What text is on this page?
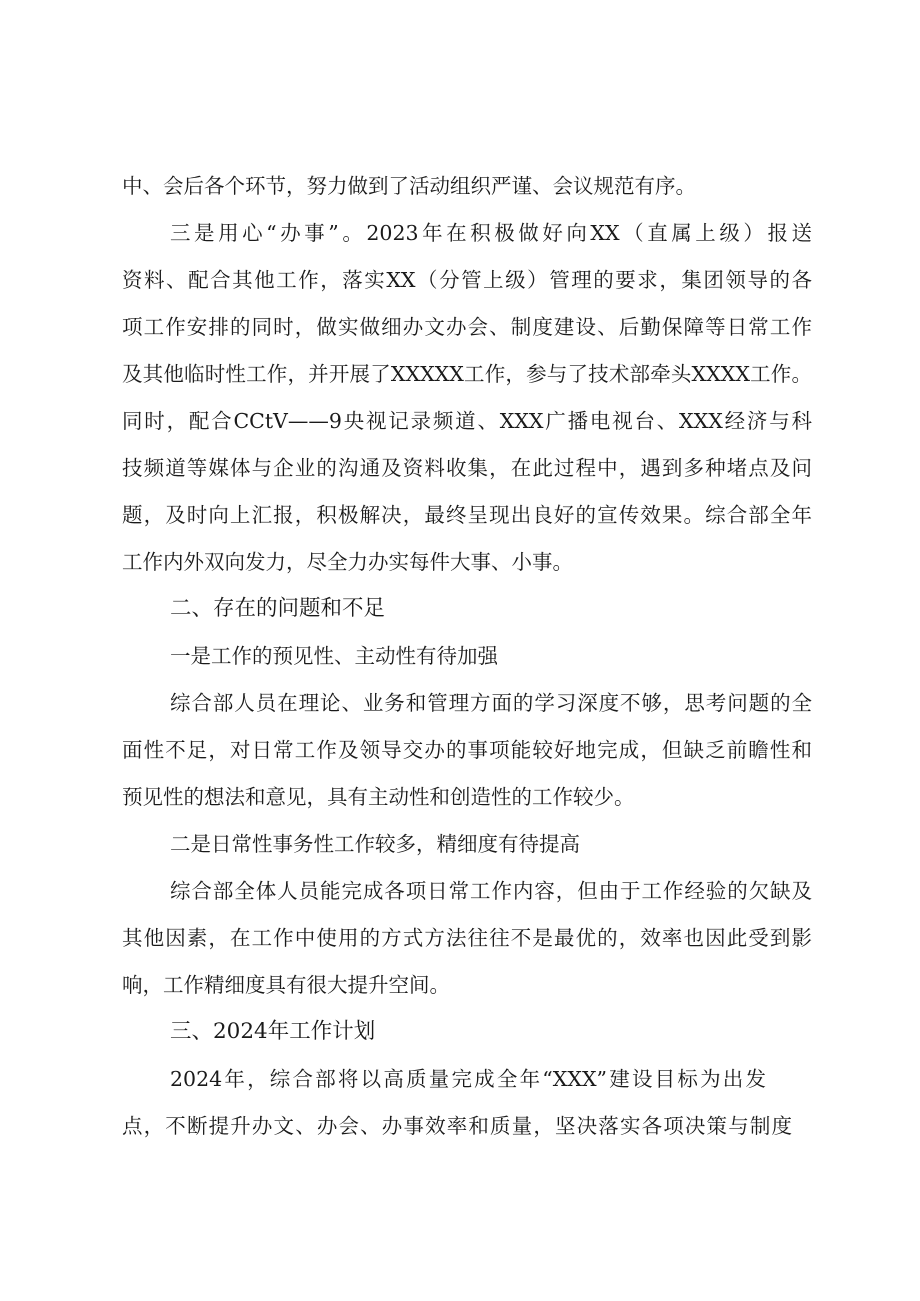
中、会后各个环节，努力做到了活动组织严谨、会议规范有序。
三是用心“办事”。2023年在积极做好向XX（直属上级）报送
资料、配合其他工作，落实XX（分管上级）管理的要求，集团领导的各
项工作安排的同时，做实做细办文办会、制度建设、后勤保障等日常工作
及其他临时性工作，并开展了XXXXX工作，参与了技术部牵头XXXX工作。
同时，配合CCtV——9央视记录频道、XXX广播电视台、XXX经济与科
技频道等媒体与企业的沟通及资料收集，在此过程中，遇到多种堵点及问
题，及时向上汇报，积极解决，最终呈现出良好的宣传效果。综合部全年
工作内外双向发力，尽全力办实每件大事、小事。
二、存在的问题和不足
一是工作的预见性、主动性有待加强
综合部人员在理论、业务和管理方面的学习深度不够，思考问题的全
面性不足，对日常工作及领导交办的事项能较好地完成，但缺乏前瞻性和
预见性的想法和意见，具有主动性和创造性的工作较少。
二是日常性事务性工作较多，精细度有待提高
综合部全体人员能完成各项日常工作内容，但由于工作经验的欠缺及
其他因素，在工作中使用的方式方法往往不是最优的，效率也因此受到影
响，工作精细度具有很大提升空间。
三、2024年工作计划
2024年，综合部将以高质量完成全年“XXX”建设目标为出发
点，不断提升办文、办会、办事效率和质量，坚决落实各项决策与制度
